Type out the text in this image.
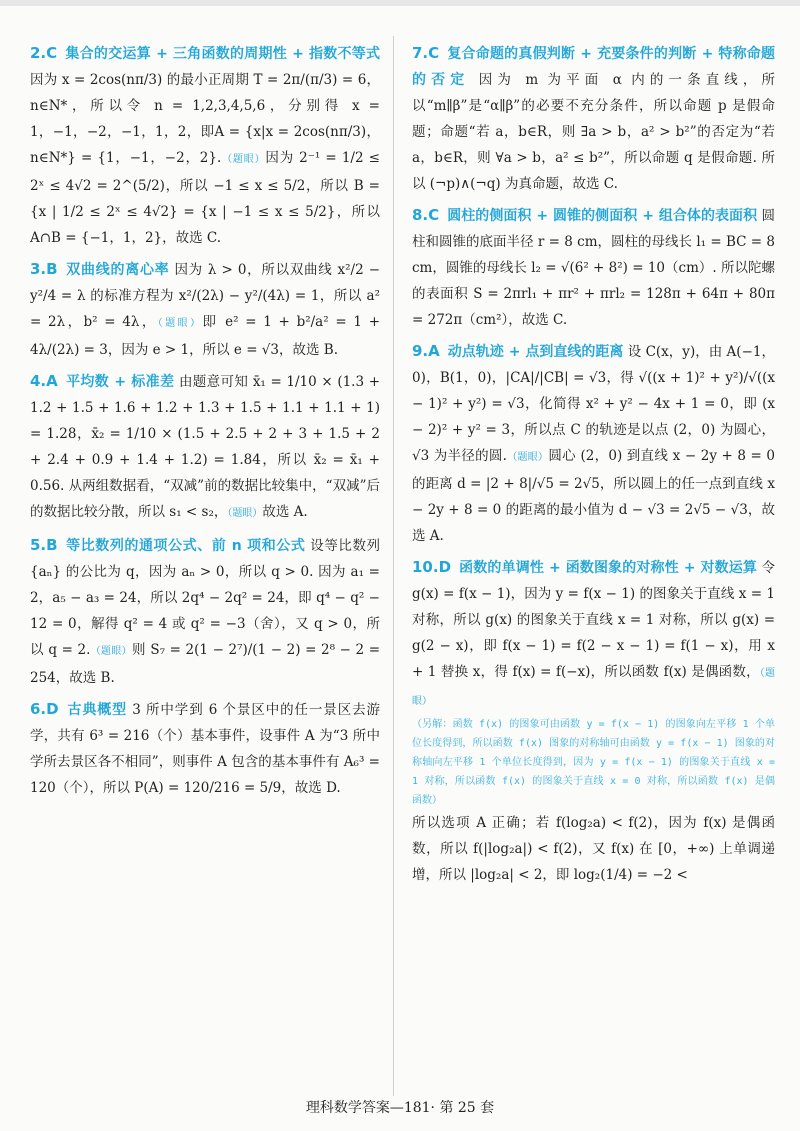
2.C 集合的交运算 + 三角函数的周期性 + 指数不等式 因为 x = 2cos(nπ/3) 的最小正周期 T = 2π/(π/3) = 6，n∈N*，所以令 n = 1,2,3,4,5,6，分别得 x = 1，−1，−2，−1，1，2，即A = {x|x = 2cos(nπ/3)，n∈N*} = {1，−1，−2，2}.（题眼）因为 2⁻¹ = 1/2 ≤ 2ˣ ≤ 4√2 = 2^(5/2)，所以 −1 ≤ x ≤ 5/2，所以 B = {x | 1/2 ≤ 2ˣ ≤ 4√2} = {x | −1 ≤ x ≤ 5/2}，所以 A∩B = {−1，1，2}，故选 C.
3.B 双曲线的离心率 因为 λ > 0，所以双曲线 x²/2 − y²/4 = λ 的标准方程为 x²/(2λ) − y²/(4λ) = 1，所以 a² = 2λ，b² = 4λ，（题眼）即 e² = 1 + b²/a² = 1 + 4λ/(2λ) = 3，因为 e > 1，所以 e = √3，故选 B.
4.A 平均数 + 标准差 由题意可知 x̄₁ = 1/10 × (1.3 + 1.2 + 1.5 + 1.6 + 1.2 + 1.3 + 1.5 + 1.1 + 1.1 + 1) = 1.28，x̄₂ = 1/10 × (1.5 + 2.5 + 2 + 3 + 1.5 + 2 + 2.4 + 0.9 + 1.4 + 1.2) = 1.84，所以 x̄₂ = x̄₁ + 0.56. 从两组数据看，“双减”前的数据比较集中，“双减”后的数据比较分散，所以 s₁ < s₂，（题眼）故选 A.
5.B 等比数列的通项公式、前 n 项和公式 设等比数列 {aₙ} 的公比为 q，因为 aₙ > 0，所以 q > 0. 因为 a₁ = 2，a₅ − a₃ = 24，所以 2q⁴ − 2q² = 24，即 q⁴ − q² − 12 = 0，解得 q² = 4 或 q² = −3（舍），又 q > 0，所以 q = 2.（题眼）则 S₇ = 2(1 − 2⁷)/(1 − 2) = 2⁸ − 2 = 254，故选 B.
6.D 古典概型 3 所中学到 6 个景区中的任一景区去游学，共有 6³ = 216（个）基本事件，设事件 A 为“3 所中学所去景区各不相同”，则事件 A 包含的基本事件有 A₆³ = 120（个），所以 P(A) = 120/216 = 5/9，故选 D.
7.C 复合命题的真假判断 + 充要条件的判断 + 特称命题的否定 因为 m 为平面 α 内的一条直线，所以“m∥β”是“α∥β”的必要不充分条件，所以命题 p 是假命题；命题“若 a，b∈R，则 ∃a > b，a² > b²”的否定为“若 a，b∈R，则 ∀a > b，a² ≤ b²”，所以命题 q 是假命题. 所以 (¬p)∧(¬q) 为真命题，故选 C.
8.C 圆柱的侧面积 + 圆锥的侧面积 + 组合体的表面积 圆柱和圆锥的底面半径 r = 8 cm，圆柱的母线长 l₁ = BC = 8 cm，圆锥的母线长 l₂ = √(6² + 8²) = 10（cm）. 所以陀螺的表面积 S = 2πrl₁ + πr² + πrl₂ = 128π + 64π + 80π = 272π（cm²），故选 C.
9.A 动点轨迹 + 点到直线的距离 设 C(x，y)，由 A(−1，0)，B(1，0)，|CA|/|CB| = √3，得 √((x + 1)² + y²)/√((x − 1)² + y²) = √3，化简得 x² + y² − 4x + 1 = 0，即 (x − 2)² + y² = 3，所以点 C 的轨迹是以点 (2，0) 为圆心，√3 为半径的圆.（题眼）圆心 (2，0) 到直线 x − 2y + 8 = 0 的距离 d = |2 + 8|/√5 = 2√5，所以圆上的任一点到直线 x − 2y + 8 = 0 的距离的最小值为 d − √3 = 2√5 − √3，故选 A.
10.D 函数的单调性 + 函数图象的对称性 + 对数运算 令 g(x) = f(x − 1)，因为 y = f(x − 1) 的图象关于直线 x = 1 对称，所以 g(x) 的图象关于直线 x = 1 对称，所以 g(x) = g(2 − x)，即 f(x − 1) = f(2 − x − 1) = f(1 − x)，用 x + 1 替换 x，得 f(x) = f(−x)，所以函数 f(x) 是偶函数，（题眼）
（另解：函数 f(x) 的图象可由函数 y = f(x − 1) 的图象向左平移 1 个单位长度得到，所以函数 f(x) 图象的对称轴可由函数 y = f(x − 1) 图象的对称轴向左平移 1 个单位长度得到，因为 y = f(x − 1) 的图象关于直线 x = 1 对称，所以函数 f(x) 的图象关于直线 x = 0 对称，所以函数 f(x) 是偶函数）
所以选项 A 正确；若 f(log₂a) < f(2)，因为 f(x) 是偶函数，所以 f(|log₂a|) < f(2)，又 f(x) 在 [0，+∞) 上单调递增，所以 |log₂a| < 2，即 log₂(1/4) = −2 <
理科数学答案—181· 第 25 套
